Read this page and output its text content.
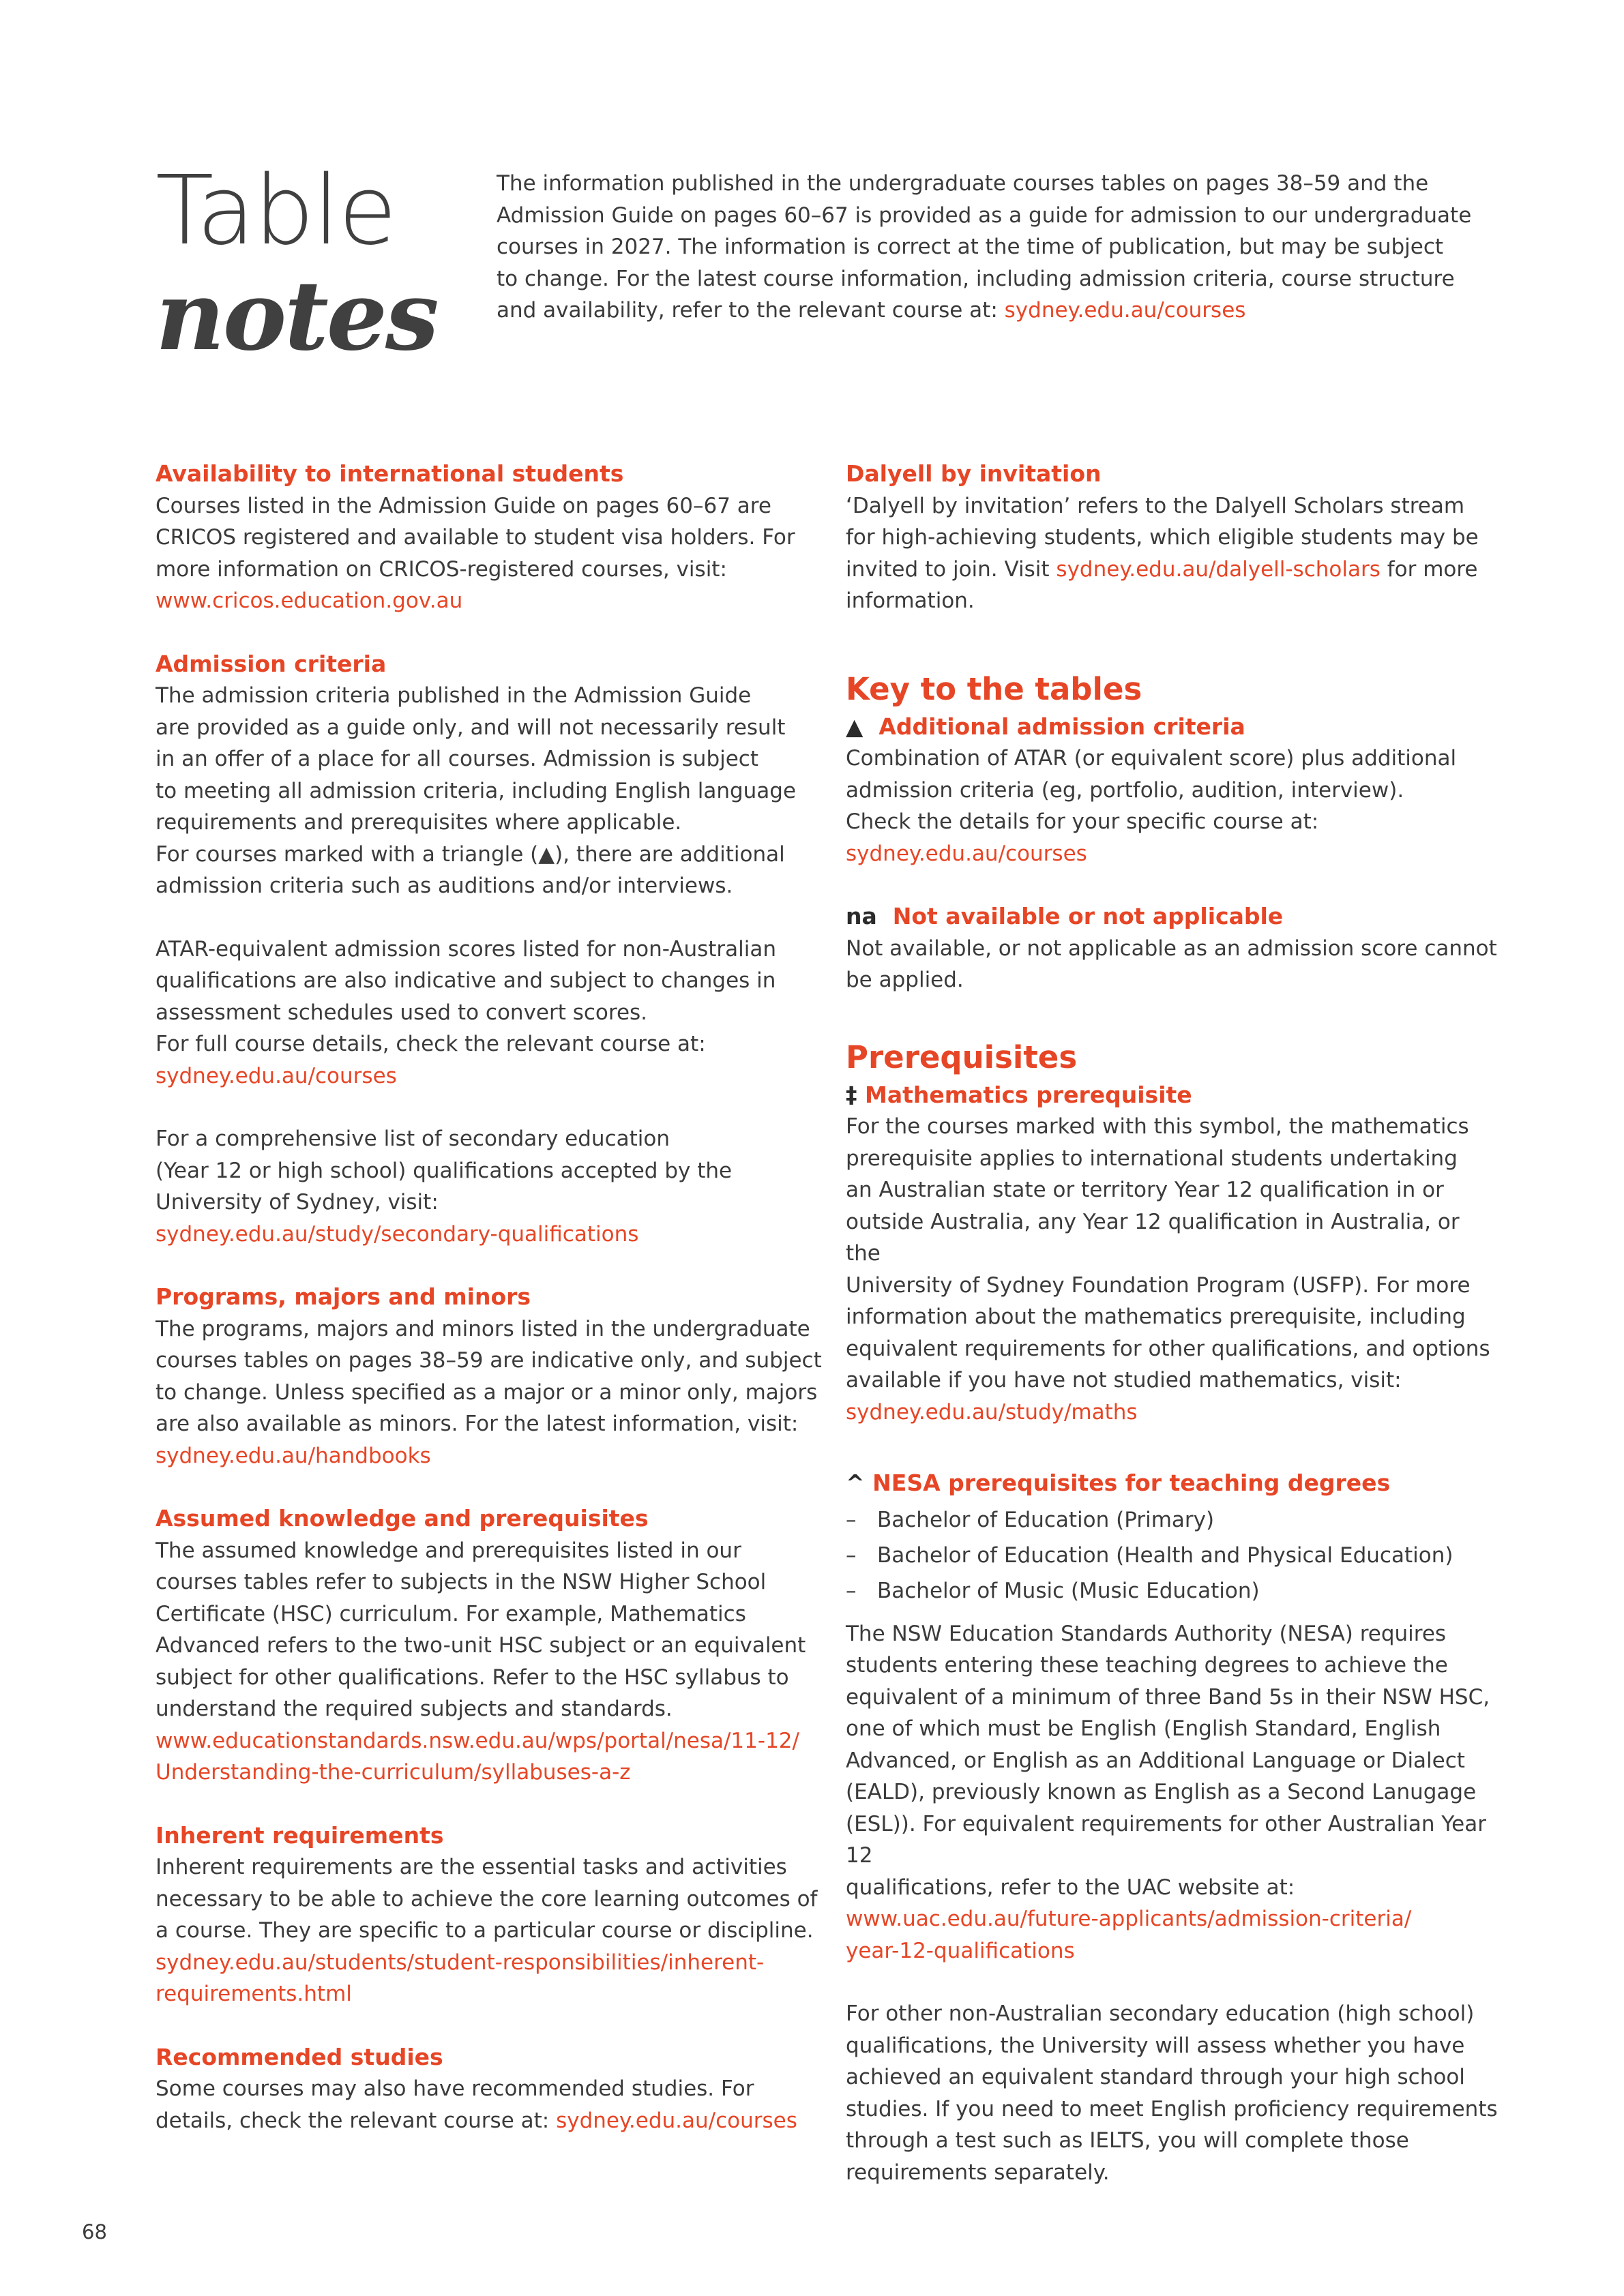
Table
notes
The information published in the undergraduate courses tables on pages 38–59 and the
Admission Guide on pages 60–67 is provided as a guide for admission to our undergraduate
courses in 2027. The information is correct at the time of publication, but may be subject
to change. For the latest course information, including admission criteria, course structure
and availability, refer to the relevant course at: sydney.edu.au/courses
Availability to international students
Courses listed in the Admission Guide on pages 60–67 are
CRICOS registered and available to student visa holders. For
more information on CRICOS-registered courses, visit:
www.cricos.education.gov.au
Admission criteria
The admission criteria published in the Admission Guide
are provided as a guide only, and will not necessarily result
in an offer of a place for all courses. Admission is subject
to meeting all admission criteria, including English language
requirements and prerequisites where applicable.
For courses marked with a triangle (▲), there are additional
admission criteria such as auditions and/or interviews.
ATAR-equivalent admission scores listed for non-Australian
qualifications are also indicative and subject to changes in
assessment schedules used to convert scores.
For full course details, check the relevant course at:
sydney.edu.au/courses
For a comprehensive list of secondary education
(Year 12 or high school) qualifications accepted by the
University of Sydney, visit:
sydney.edu.au/study/secondary-qualifications
Programs, majors and minors
The programs, majors and minors listed in the undergraduate
courses tables on pages 38–59 are indicative only, and subject
to change. Unless specified as a major or a minor only, majors
are also available as minors. For the latest information, visit:
sydney.edu.au/handbooks
Assumed knowledge and prerequisites
The assumed knowledge and prerequisites listed in our
courses tables refer to subjects in the NSW Higher School
Certificate (HSC) curriculum. For example, Mathematics
Advanced refers to the two-unit HSC subject or an equivalent
subject for other qualifications. Refer to the HSC syllabus to
understand the required subjects and standards.
www.educationstandards.nsw.edu.au/wps/portal/nesa/11-12/
Understanding-the-curriculum/syllabuses-a-z
Inherent requirements
Inherent requirements are the essential tasks and activities
necessary to be able to achieve the core learning outcomes of
a course. They are specific to a particular course or discipline.
sydney.edu.au/students/student-responsibilities/inherent-
requirements.html
Recommended studies
Some courses may also have recommended studies. For
details, check the relevant course at: sydney.edu.au/courses
Dalyell by invitation
‘Dalyell by invitation’ refers to the Dalyell Scholars stream
for high-achieving students, which eligible students may be
invited to join. Visit sydney.edu.au/dalyell-scholars for more
information.
Key to the tables
▲ Additional admission criteria
Combination of ATAR (or equivalent score) plus additional
admission criteria (eg, portfolio, audition, interview).
Check the details for your specific course at:
sydney.edu.au/courses
na Not available or not applicable
Not available, or not applicable as an admission score cannot
be applied.
Prerequisites
‡ Mathematics prerequisite
For the courses marked with this symbol, the mathematics
prerequisite applies to international students undertaking
an Australian state or territory Year 12 qualification in or
outside Australia, any Year 12 qualification in Australia, or the
University of Sydney Foundation Program (USFP). For more
information about the mathematics prerequisite, including
equivalent requirements for other qualifications, and options
available if you have not studied mathematics, visit:
sydney.edu.au/study/maths
^ NESA prerequisites for teaching degrees
– Bachelor of Education (Primary)
– Bachelor of Education (Health and Physical Education)
– Bachelor of Music (Music Education)
The NSW Education Standards Authority (NESA) requires
students entering these teaching degrees to achieve the
equivalent of a minimum of three Band 5s in their NSW HSC,
one of which must be English (English Standard, English
Advanced, or English as an Additional Language or Dialect
(EALD), previously known as English as a Second Lanugage
(ESL)). For equivalent requirements for other Australian Year 12
qualifications, refer to the UAC website at:
www.uac.edu.au/future-applicants/admission-criteria/
year-12-qualifications
For other non-Australian secondary education (high school)
qualifications, the University will assess whether you have
achieved an equivalent standard through your high school
studies. If you need to meet English proficiency requirements
through a test such as IELTS, you will complete those
requirements separately.
68
